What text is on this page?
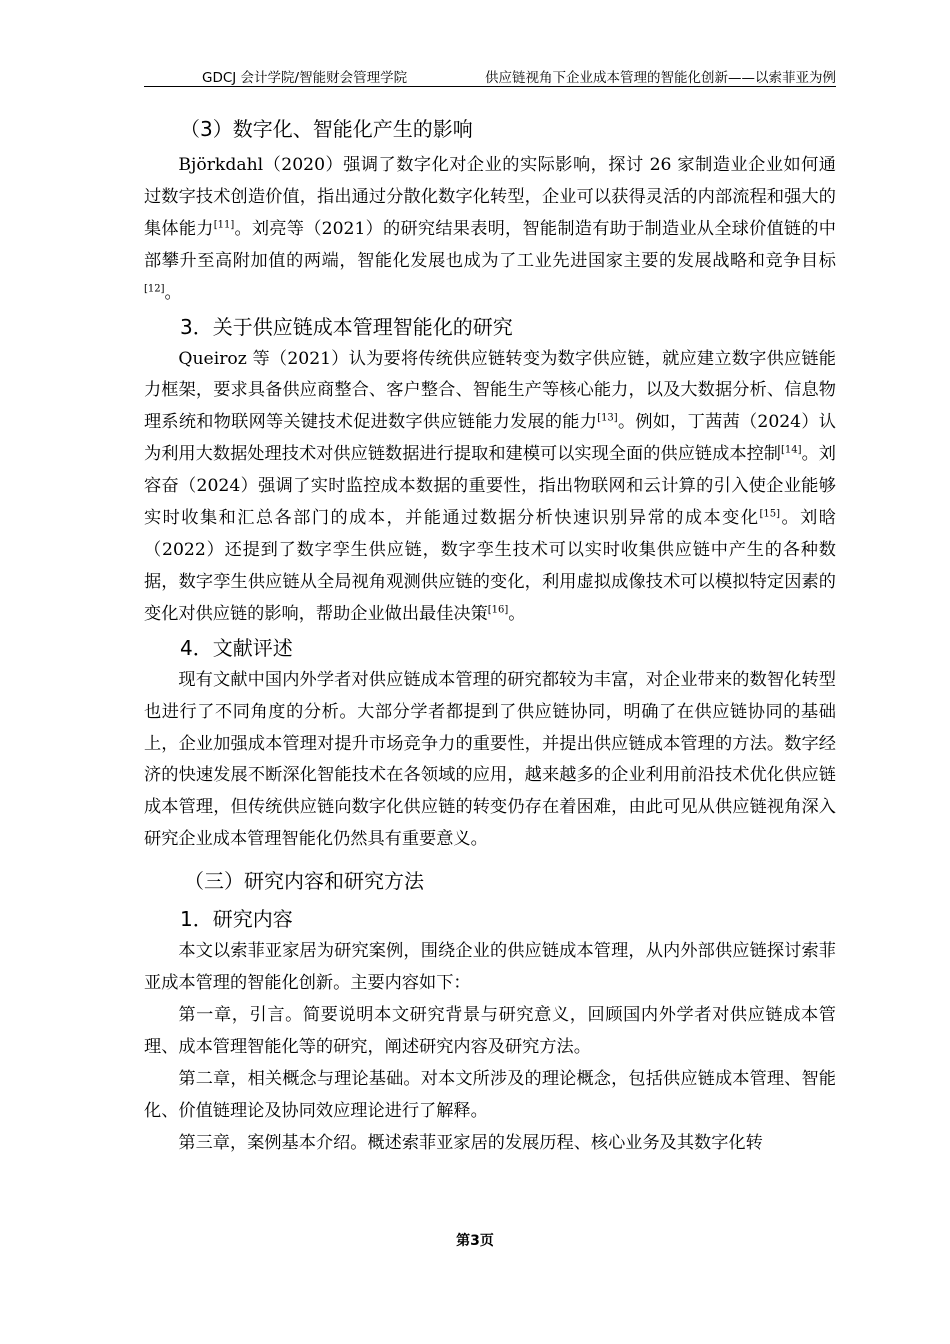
GDCJ 会计学院/智能财会管理学院	供应链视角下企业成本管理的智能化创新——以索菲亚为例
（3）数字化、智能化产生的影响

Björkdahl（2020）强调了数字化对企业的实际影响，探讨 26 家制造业企业如何通过数字技术创造价值，指出通过分散化数字化转型，企业可以获得灵活的内部流程和强大的集体能力[11]。刘亮等（2021）的研究结果表明，智能制造有助于制造业从全球价值链的中部攀升至高附加值的两端，智能化发展也成为了工业先进国家主要的发展战略和竞争目标[12]。

3．关于供应链成本管理智能化的研究

Queiroz 等（2021）认为要将传统供应链转变为数字供应链，就应建立数字供应链能力框架，要求具备供应商整合、客户整合、智能生产等核心能力，以及大数据分析、信息物理系统和物联网等关键技术促进数字供应链能力发展的能力[13]。例如，丁茜茜（2024）认为利用大数据处理技术对供应链数据进行提取和建模可以实现全面的供应链成本控制[14]。刘容奋（2024）强调了实时监控成本数据的重要性，指出物联网和云计算的引入使企业能够实时收集和汇总各部门的成本，并能通过数据分析快速识别异常的成本变化[15]。刘晗（2022）还提到了数字孪生供应链，数字孪生技术可以实时收集供应链中产生的各种数据，数字孪生供应链从全局视角观测供应链的变化，利用虚拟成像技术可以模拟特定因素的变化对供应链的影响，帮助企业做出最佳决策[16]。

4．文献评述

现有文献中国内外学者对供应链成本管理的研究都较为丰富，对企业带来的数智化转型也进行了不同角度的分析。大部分学者都提到了供应链协同，明确了在供应链协同的基础上，企业加强成本管理对提升市场竞争力的重要性，并提出供应链成本管理的方法。数字经济的快速发展不断深化智能技术在各领域的应用，越来越多的企业利用前沿技术优化供应链成本管理，但传统供应链向数字化供应链的转变仍存在着困难，由此可见从供应链视角深入研究企业成本管理智能化仍然具有重要意义。

（三）研究内容和研究方法
1．研究内容

本文以索菲亚家居为研究案例，围绕企业的供应链成本管理，从内外部供应链探讨索菲亚成本管理的智能化创新。主要内容如下：

第一章，引言。简要说明本文研究背景与研究意义，回顾国内外学者对供应链成本管理、成本管理智能化等的研究，阐述研究内容及研究方法。

第二章，相关概念与理论基础。对本文所涉及的理论概念，包括供应链成本管理、智能化、价值链理论及协同效应理论进行了解释。

第三章，案例基本介绍。概述索菲亚家居的发展历程、核心业务及其数字化转

第3页
